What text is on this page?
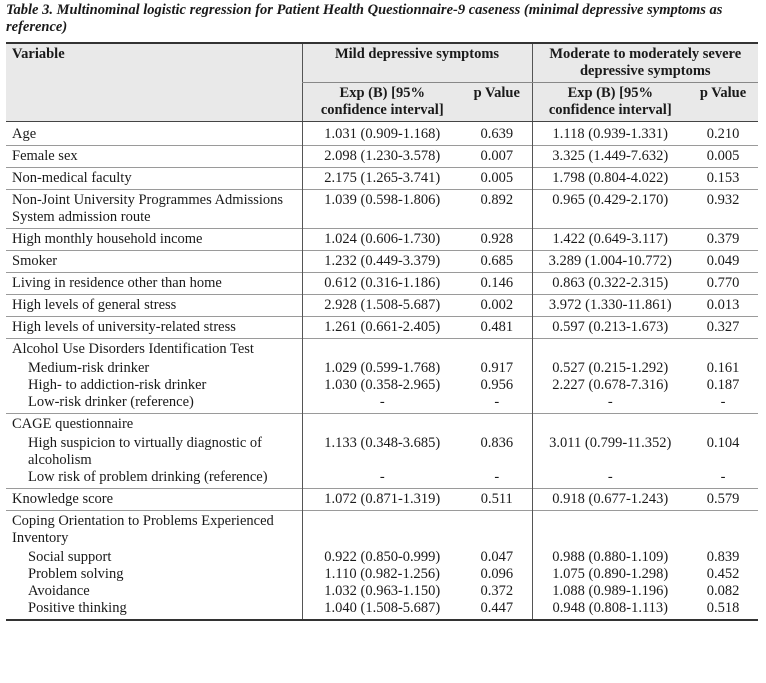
Table 3. Multinominal logistic regression for Patient Health Questionnaire-9 caseness (minimal depressive symptoms as reference)
Variable	Mild depressive symptoms		Moderate to moderately severe depressive symptoms	
	Exp (B) [95% confidence interval]	p Value	Exp (B) [95% confidence interval]	p Value
Age	1.031 (0.909-1.168)	0.639	1.118 (0.939-1.331)	0.210
Female sex	2.098 (1.230-3.578)	0.007	3.325 (1.449-7.632)	0.005
Non-medical faculty	2.175 (1.265-3.741)	0.005	1.798 (0.804-4.022)	0.153
Non-Joint University Programmes Admissions System admission route	1.039 (0.598-1.806)	0.892	0.965 (0.429-2.170)	0.932
High monthly household income	1.024 (0.606-1.730)	0.928	1.422 (0.649-3.117)	0.379
Smoker	1.232 (0.449-3.379)	0.685	3.289 (1.004-10.772)	0.049
Living in residence other than home	0.612 (0.316-1.186)	0.146	0.863 (0.322-2.315)	0.770
High levels of general stress	2.928 (1.508-5.687)	0.002	3.972 (1.330-11.861)	0.013
High levels of university-related stress	1.261 (0.661-2.405)	0.481	0.597 (0.213-1.673)	0.327
Alcohol Use Disorders Identification Test				
Medium-risk drinker	1.029 (0.599-1.768)	0.917	0.527 (0.215-1.292)	0.161
High- to addiction-risk drinker	1.030 (0.358-2.965)	0.956	2.227 (0.678-7.316)	0.187
Low-risk drinker (reference)	-	-	-	-
CAGE questionnaire				
High suspicion to virtually diagnostic of alcoholism	1.133 (0.348-3.685)	0.836	3.011 (0.799-11.352)	0.104
Low risk of problem drinking (reference)	-	-	-	-
Knowledge score	1.072 (0.871-1.319)	0.511	0.918 (0.677-1.243)	0.579
Coping Orientation to Problems Experienced Inventory				
Social support	0.922 (0.850-0.999)	0.047	0.988 (0.880-1.109)	0.839
Problem solving	1.110 (0.982-1.256)	0.096	1.075 (0.890-1.298)	0.452
Avoidance	1.032 (0.963-1.150)	0.372	1.088 (0.989-1.196)	0.082
Positive thinking	1.040 (1.508-5.687)	0.447	0.948 (0.808-1.113)	0.518
